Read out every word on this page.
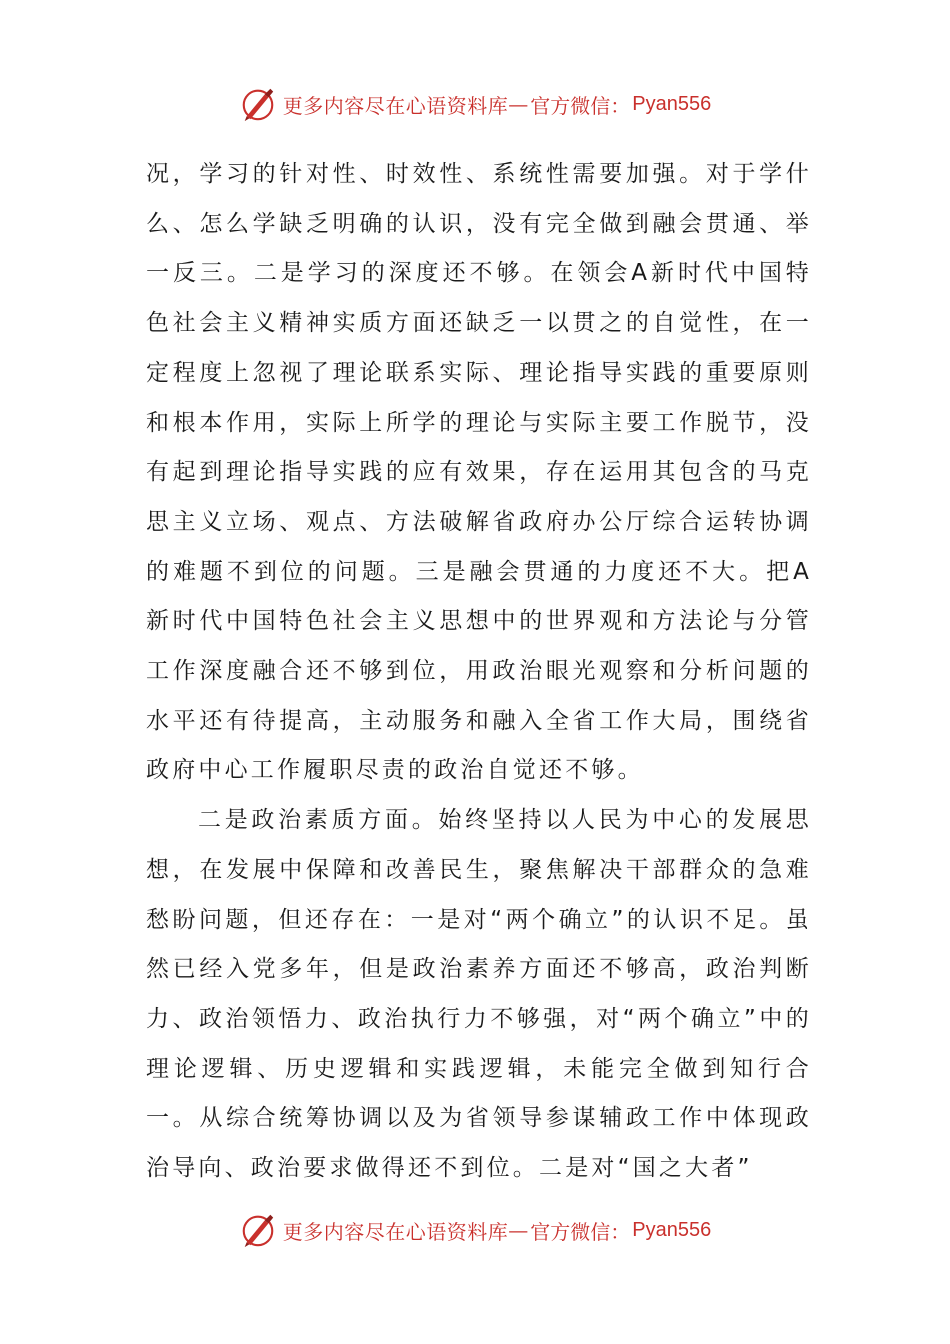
更多内容尽在心语资料库 — 官方微信： Pyan556

况，学习的针对性、时效性、系统性需要加强。对于学什么、怎么学缺乏明确的认识，没有完全做到融会贯通、举一反三。二是学习的深度还不够。在领会A新时代中国特色社会主义精神实质方面还缺乏一以贯之的自觉性，在一定程度上忽视了理论联系实际、理论指导实践的重要原则和根本作用，实际上所学的理论与实际主要工作脱节，没有起到理论指导实践的应有效果，存在运用其包含的马克思主义立场、观点、方法破解省政府办公厅综合运转协调的难题不到位的问题。三是融会贯通的力度还不大。把A新时代中国特色社会主义思想中的世界观和方法论与分管工作深度融合还不够到位，用政治眼光观察和分析问题的水平还有待提高，主动服务和融入全省工作大局，围绕省政府中心工作履职尽责的政治自觉还不够。

二是政治素质方面。始终坚持以人民为中心的发展思想，在发展中保障和改善民生，聚焦解决干部群众的急难愁盼问题，但还存在：一是对“两个确立”的认识不足。虽然已经入党多年，但是政治素养方面还不够高，政治判断力、政治领悟力、政治执行力不够强，对“两个确立”中的理论逻辑、历史逻辑和实践逻辑，未能完全做到知行合一。从综合统筹协调以及为省领导参谋辅政工作中体现政治导向、政治要求做得还不到位。二是对“国之大者”

更多内容尽在心语资料库 — 官方微信： Pyan556
